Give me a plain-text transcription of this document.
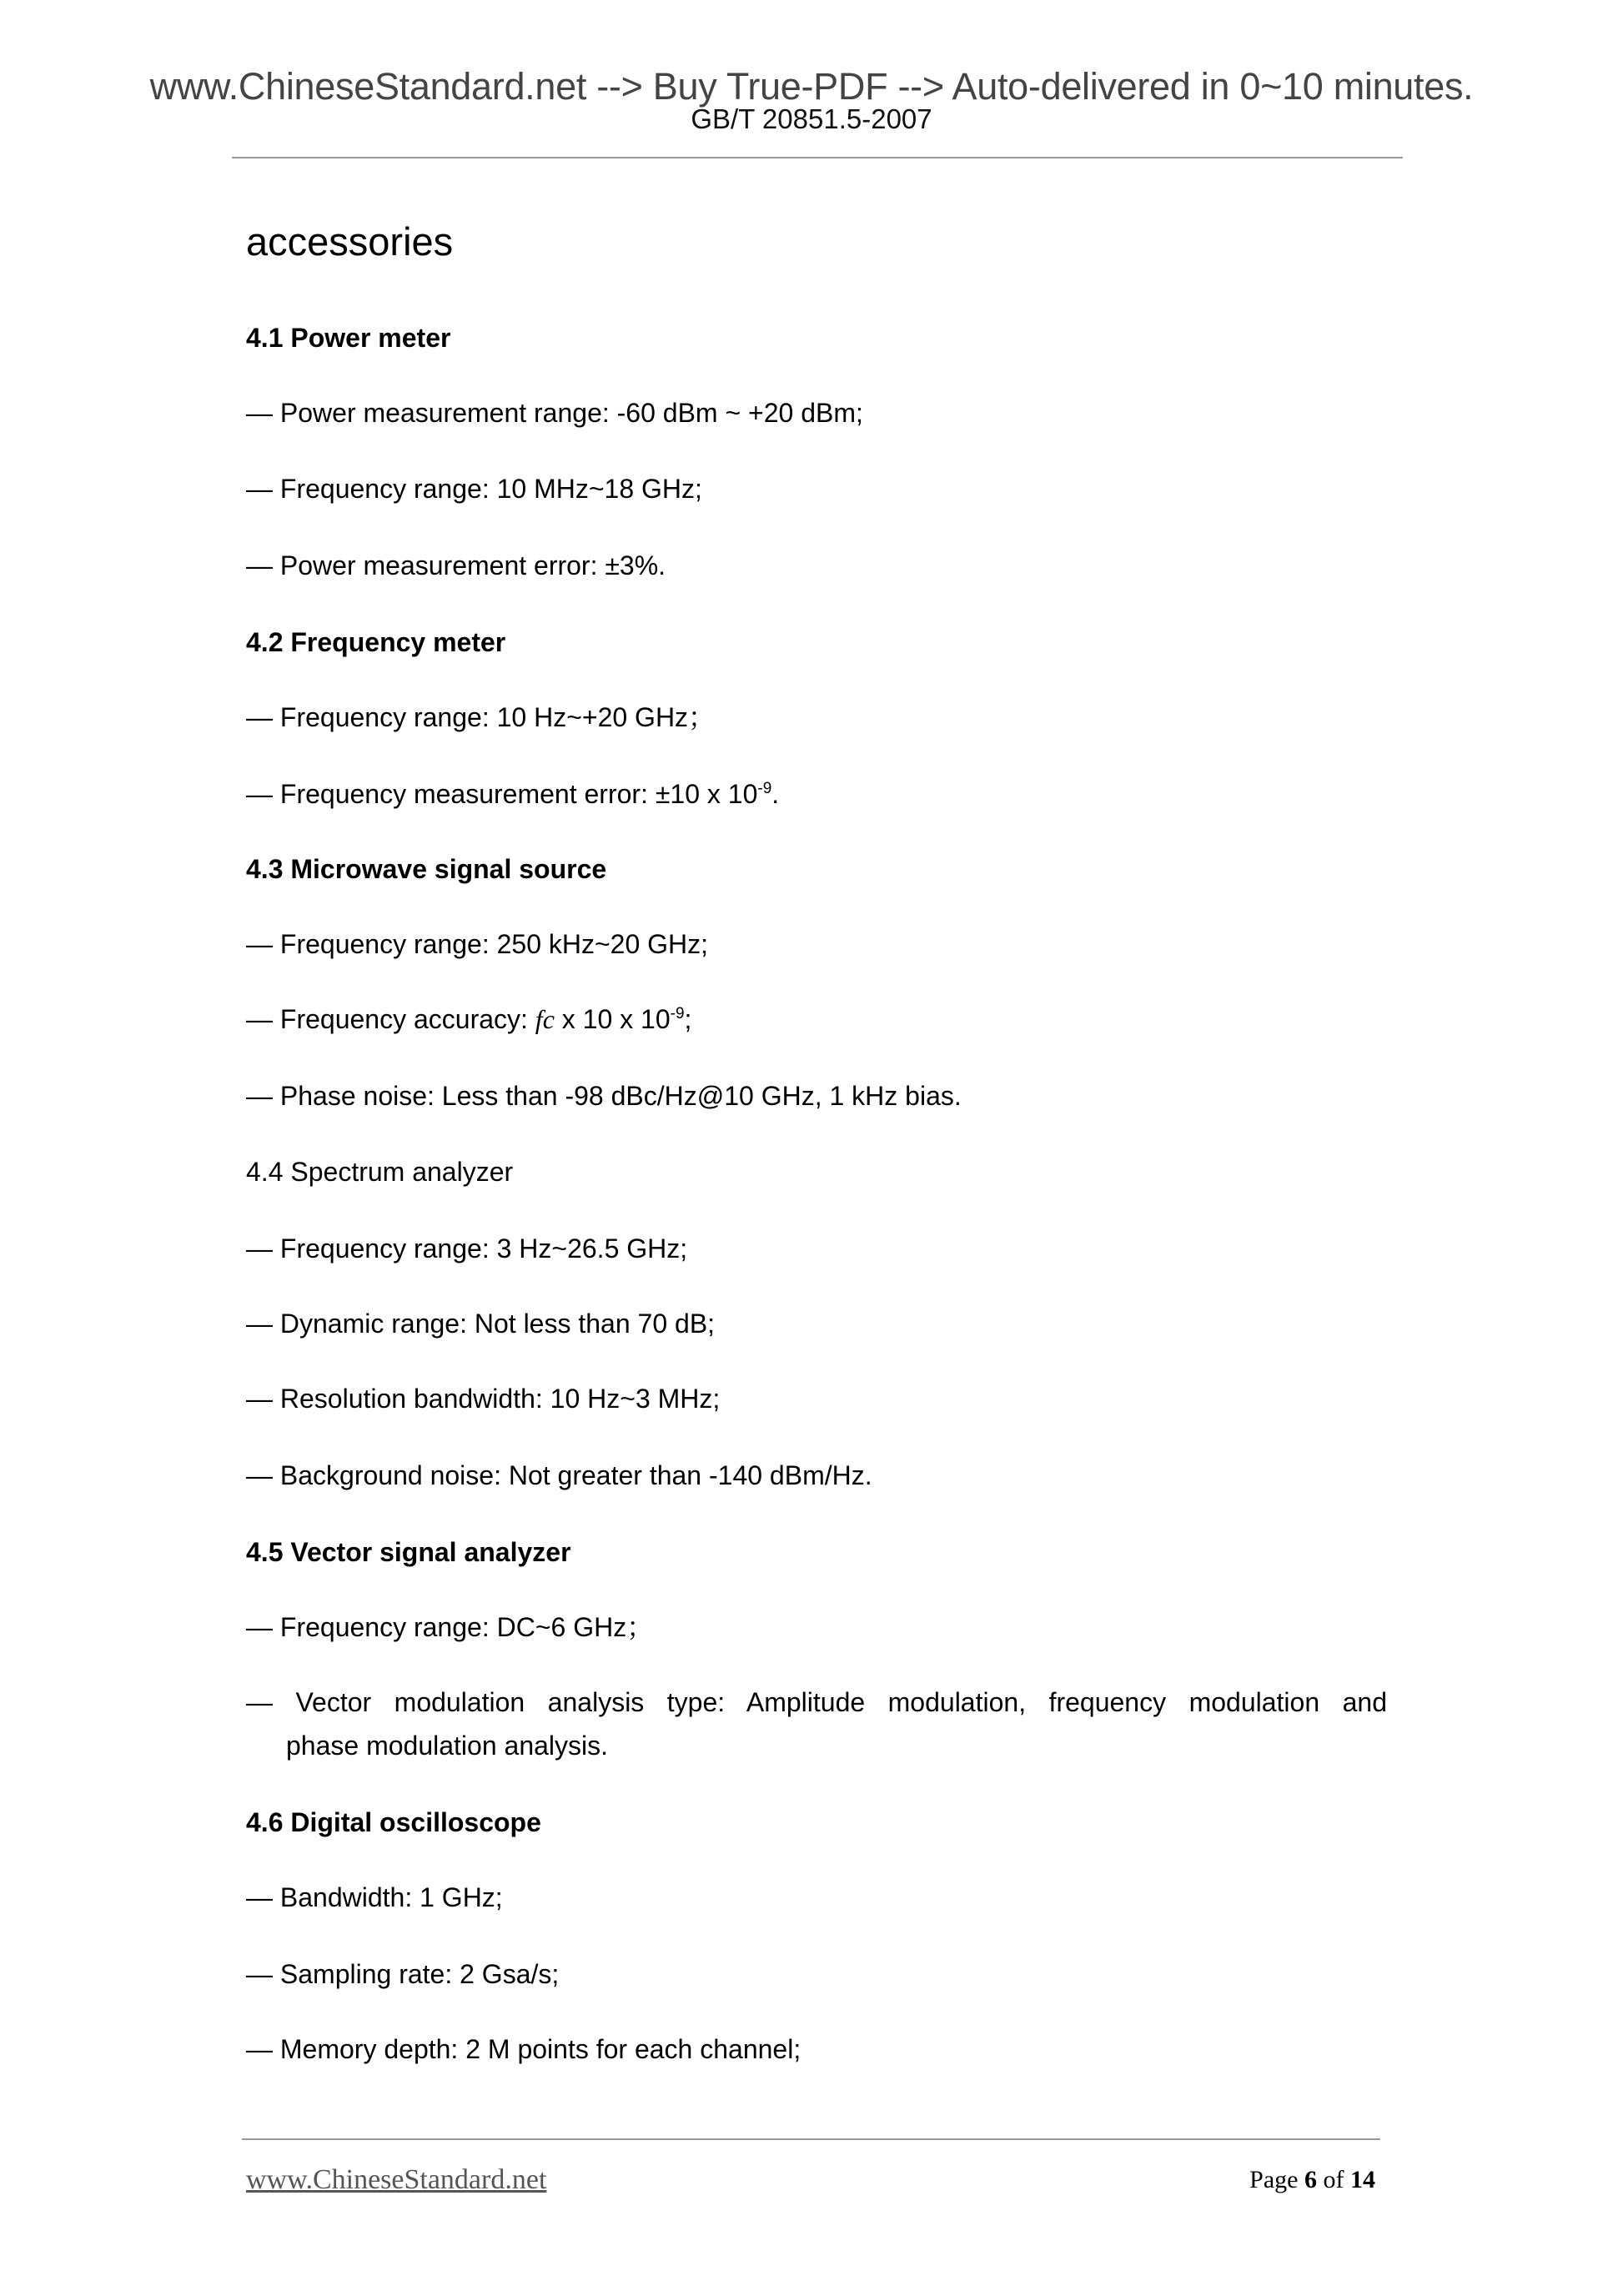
www.ChineseStandard.net --> Buy True-PDF --> Auto-delivered in 0~10 minutes.
GB/T 20851.5-2007
accessories
4.1 Power meter
— Power measurement range: -60 dBm ~ +20 dBm;
— Frequency range: 10 MHz~18 GHz;
— Power measurement error: ±3%.
4.2 Frequency meter
— Frequency range: 10 Hz~+20 GHz；
— Frequency measurement error: ±10 x $10^{-9}$.
4.3 Microwave signal source
— Frequency range: 250 kHz~20 GHz;
— Frequency accuracy: fc x 10 x $10^{-9}$;
— Phase noise: Less than -98 dBc/Hz@10 GHz, 1 kHz bias.
4.4 Spectrum analyzer
— Frequency range: 3 Hz~26.5 GHz;
— Dynamic range: Not less than 70 dB;
— Resolution bandwidth: 10 Hz~3 MHz;
— Background noise: Not greater than -140 dBm/Hz.
4.5 Vector signal analyzer
— Frequency range: DC~6 GHz；
— Vector modulation analysis type: Amplitude modulation, frequency modulation and
phase modulation analysis.
4.6 Digital oscilloscope
— Bandwidth: 1 GHz;
— Sampling rate: 2 Gsa/s;
— Memory depth: 2 M points for each channel;
www.ChineseStandard.net	Page 6 of 14
